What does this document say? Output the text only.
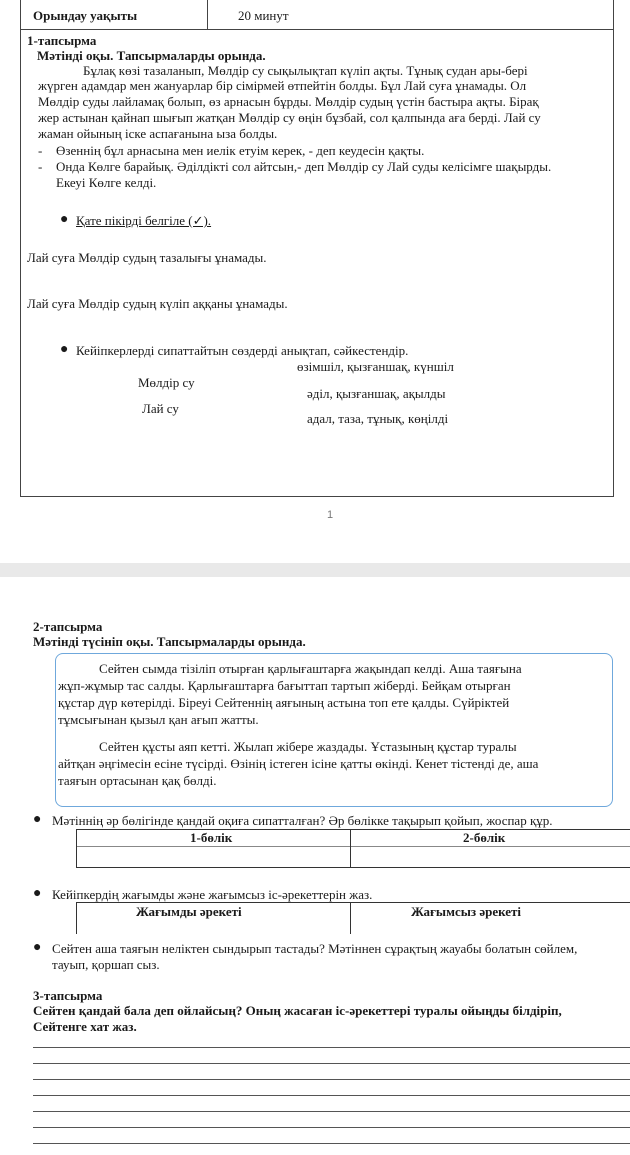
Орындау уақыты	20 минут
1-тапсырма
Мәтінді оқы. Тапсырмаларды орында.
Бұлақ көзі тазаланып, Мөлдір су сықылықтап күліп ақты. Тұнық судан ары-бері
жүрген адамдар мен жануарлар бір сімірмей өтпейтін болды. Бұл Лай суға ұнамады. Ол
Мөлдір суды лайламақ болып, өз арнасын бұрды. Мөлдір судың үстін бастыра ақты. Бірақ
жер астынан қайнап шығып жатқан Мөлдір су өңін бұзбай, сол қалпында аға берді. Лай су
жаман ойының іске аспағанына ыза болды.
- Өзеннің бұл арнасына мен иелік етуім керек, - деп кеудесін қақты.
- Онда Көлге барайық. Әділдікті сол айтсын,- деп Мөлдір су Лай суды келісімге шақырды.
Екеуі Көлге келді.
● Қате пікірді белгіле (✓).
Лай суға Мөлдір судың тазалығы ұнамады.
Лай суға Мөлдір судың күліп аққаны ұнамады.
● Кейіпкерлерді сипаттайтын сөздерді анықтап, сәйкестендір.
Мөлдір су
Лай су
өзімшіл, қызғаншақ, күншіл
әділ, қызғаншақ, ақылды
адал, таза, тұнық, көңілді
1
2-тапсырма
Мәтінді түсініп оқы. Тапсырмаларды орында.
Сейтен сымда тізіліп отырған қарлығаштарға жақындап келді. Аша таяғына
жұп-жұмыр тас салды. Қарлығаштарға бағыттап тартып жіберді. Бейқам отырған
құстар дүр көтерілді. Біреуі Сейтеннің аяғының астына топ ете қалды. Сүйріктей
тұмсығынан қызыл қан ағып жатты.
Сейтен құсты аяп кетті. Жылап жібере жаздады. Ұстазының құстар туралы
айтқан әңгімесін есіне түсірді. Өзінің істеген ісіне қатты өкінді. Кенет тістенді де, аша
таяғын ортасынан қақ бөлді.
● Мәтіннің әр бөлігінде қандай оқиға сипатталған? Әр бөлікке тақырып қойып, жоспар құр.
1-бөлік	2-бөлік
● Кейіпкердің жағымды және жағымсыз іс-әрекеттерін жаз.
Жағымды әрекеті	Жағымсыз әрекеті
● Сейтен аша таяғын неліктен сындырып тастады? Мәтіннен сұрақтың жауабы болатын сөйлем,
тауып, қоршап сыз.
3-тапсырма
Сейтен қандай бала деп ойлайсың? Оның жасаған іс-әрекеттері туралы ойыңды білдіріп,
Сейтенге хат жаз.
